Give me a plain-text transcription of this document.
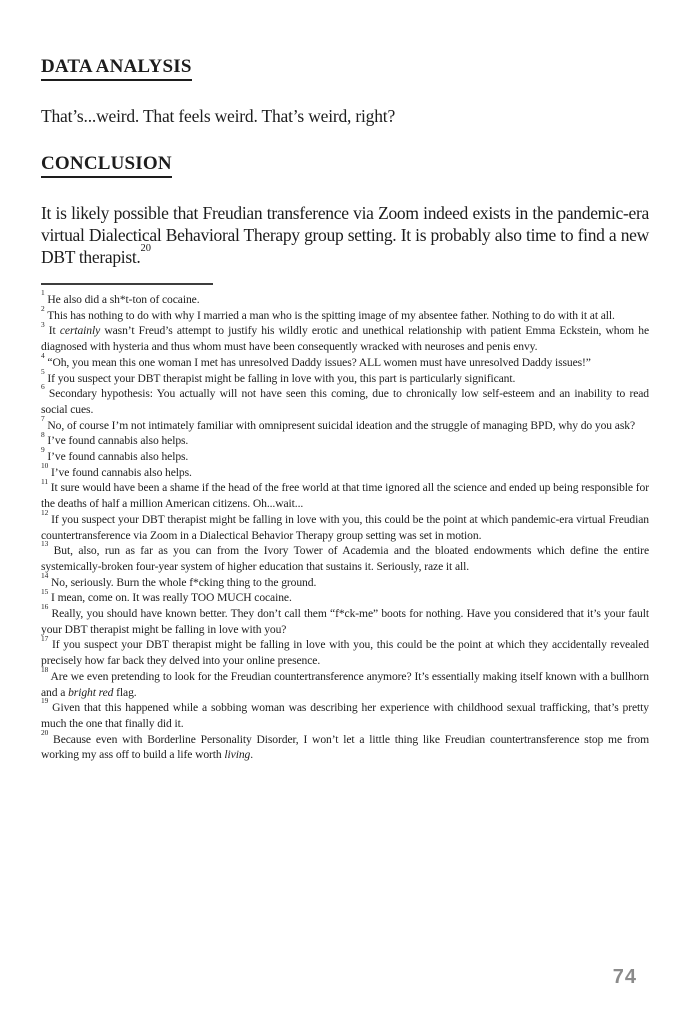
DATA ANALYSIS

That’s...weird. That feels weird. That’s weird, right?

CONCLUSION

It is likely possible that Freudian transference via Zoom indeed exists in the pandemic-era virtual Dialectical Behavioral Therapy group setting. It is probably also time to find a new DBT therapist.$^{20}$

$^1$ He also did a sh*t-ton of cocaine.

$^2$ This has nothing to do with why I married a man who is the spitting image of my absentee father. Nothing to do with it at all.

$^3$ It certainly wasn’t Freud’s attempt to justify his wildly erotic and unethical relationship with patient Emma Eckstein, whom he diagnosed with hysteria and thus whom must have been consequently wracked with neuroses and penis envy.

$^4$ “Oh, you mean this one woman I met has unresolved Daddy issues? ALL women must have unresolved Daddy issues!”

$^5$ If you suspect your DBT therapist might be falling in love with you, this part is particularly significant.

$^6$ Secondary hypothesis: You actually will not have seen this coming, due to chronically low self-esteem and an inability to read social cues.

$^7$ No, of course I’m not intimately familiar with omnipresent suicidal ideation and the struggle of managing BPD, why do you ask?

$^8$ I’ve found cannabis also helps.

$^9$ I’ve found cannabis also helps.

$^{10}$ I’ve found cannabis also helps.

$^{11}$ It sure would have been a shame if the head of the free world at that time ignored all the science and ended up being responsible for the deaths of half a million American citizens. Oh...wait...

$^{12}$ If you suspect your DBT therapist might be falling in love with you, this could be the point at which pandemic-era virtual Freudian countertransference via Zoom in a Dialectical Behavior Therapy group setting was set in motion.

$^{13}$ But, also, run as far as you can from the Ivory Tower of Academia and the bloated endowments which define the entire systemically-broken four-year system of higher education that sustains it. Seriously, raze it all.

$^{14}$ No, seriously. Burn the whole f*cking thing to the ground.

$^{15}$ I mean, come on. It was really TOO MUCH cocaine.

$^{16}$ Really, you should have known better. They don’t call them “f*ck-me” boots for nothing. Have you considered that it’s your fault your DBT therapist might be falling in love with you?

$^{17}$ If you suspect your DBT therapist might be falling in love with you, this could be the point at which they accidentally revealed precisely how far back they delved into your online presence.

$^{18}$ Are we even pretending to look for the Freudian countertransference anymore? It’s essentially making itself known with a bullhorn and a bright red flag.

$^{19}$ Given that this happened while a sobbing woman was describing her experience with childhood sexual trafficking, that’s pretty much the one that finally did it.

$^{20}$ Because even with Borderline Personality Disorder, I won’t let a little thing like Freudian countertransference stop me from working my ass off to build a life worth living.

74
